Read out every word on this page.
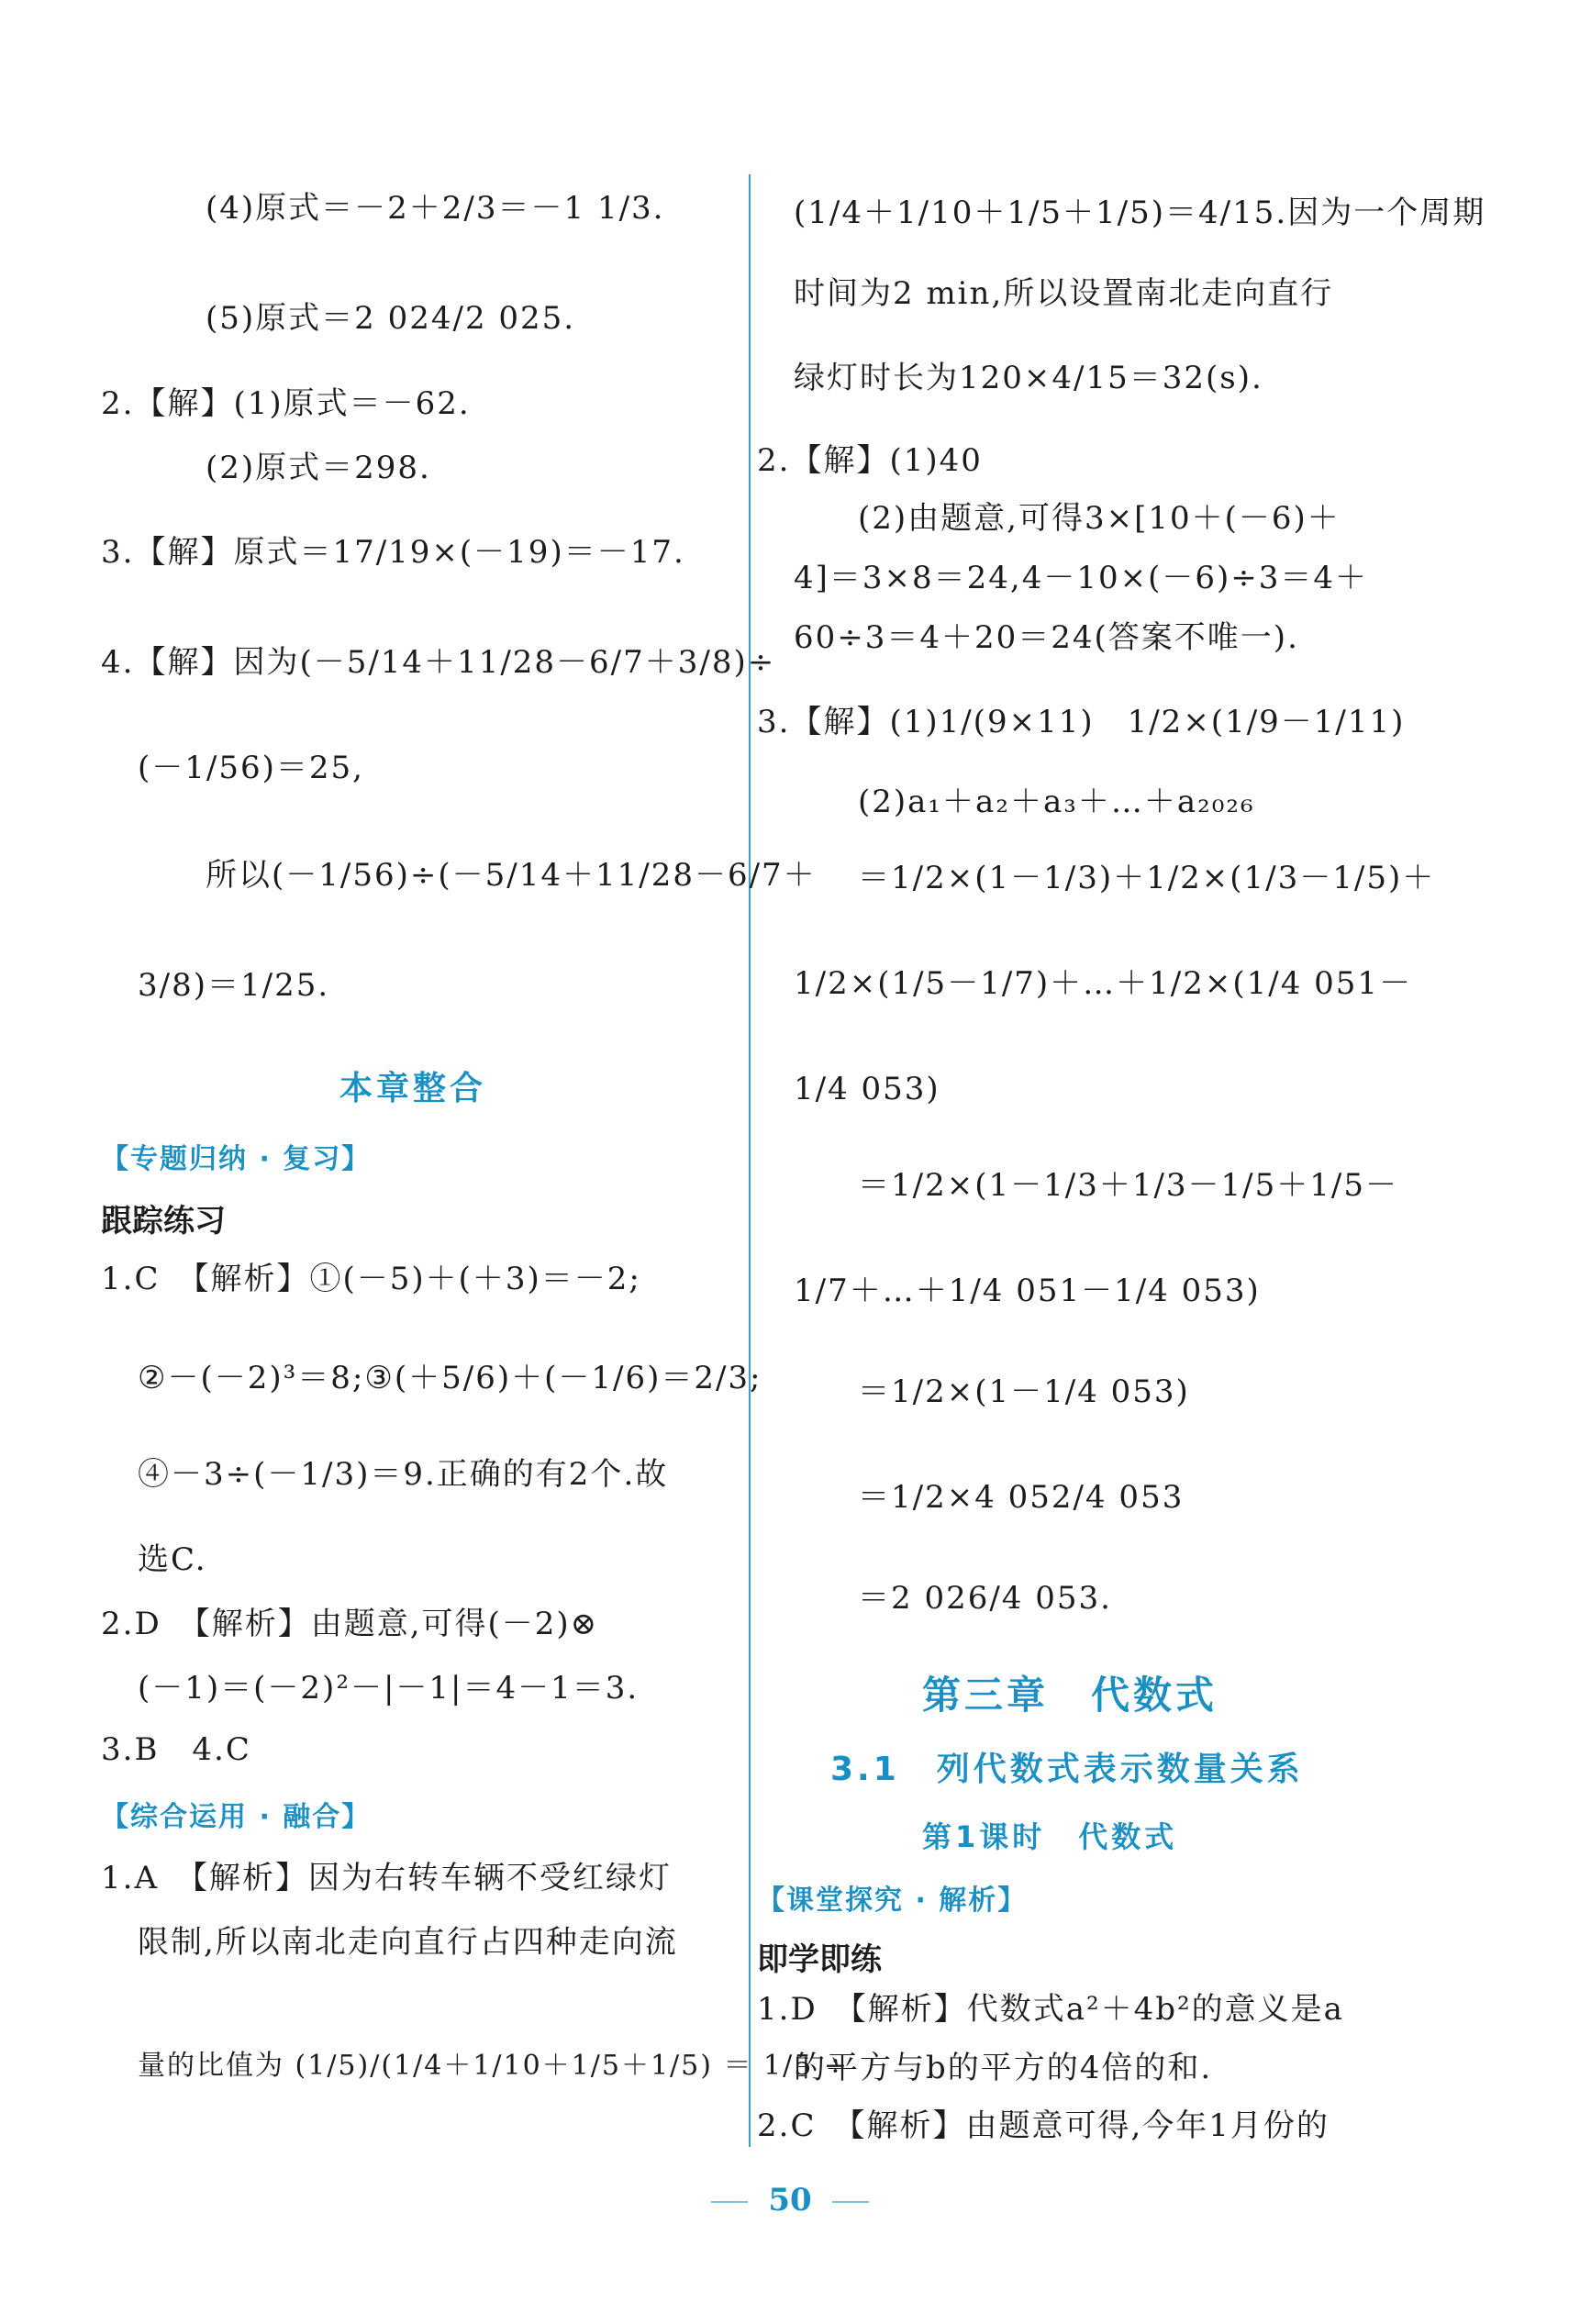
(4)原式＝－2＋2/3＝－1 1/3.
(5)原式＝2 024/2 025.
2.【解】(1)原式＝－62.
(2)原式＝298.
3.【解】原式＝17/19×(－19)＝－17.
4.【解】因为(－5/14＋11/28－6/7＋3/8)÷
(－1/56)＝25,
所以(－1/56)÷(－5/14＋11/28－6/7＋
3/8)＝1/25.
本章整合
【专题归纳 · 复习】
跟踪练习
1.C　【解析】①(－5)＋(＋3)＝－2;
②－(－2)³＝8;③(＋5/6)＋(－1/6)＝2/3;
④－3÷(－1/3)＝9.正确的有2个.故
选C.
2.D　【解析】由题意,可得(－2)⊗
(－1)＝(－2)²－|－1|＝4－1＝3.
3.B　4.C
【综合运用 · 融合】
1.A　【解析】因为右转车辆不受红绿灯
限制,所以南北走向直行占四种走向流
量的比值为 (1/5)/(1/4＋1/10＋1/5＋1/5) ＝ 1/5 ÷
(1/4＋1/10＋1/5＋1/5)＝4/15.因为一个周期
时间为2 min,所以设置南北走向直行
绿灯时长为120×4/15＝32(s).
2.【解】(1)40
(2)由题意,可得3×[10＋(－6)＋
4]＝3×8＝24,4－10×(－6)÷3＝4＋
60÷3＝4＋20＝24(答案不唯一).
3.【解】(1)1/(9×11)　1/2×(1/9－1/11)
(2)a₁＋a₂＋a₃＋…＋a₂₀₂₆
＝1/2×(1－1/3)＋1/2×(1/3－1/5)＋
1/2×(1/5－1/7)＋…＋1/2×(1/4 051－
1/4 053)
＝1/2×(1－1/3＋1/3－1/5＋1/5－
1/7＋…＋1/4 051－1/4 053)
＝1/2×(1－1/4 053)
＝1/2×4 052/4 053
＝2 026/4 053.
第三章　代数式
3.1　列代数式表示数量关系
第1课时　代数式
【课堂探究 · 解析】
即学即练
1.D　【解析】代数式a²＋4b²的意义是a
的平方与b的平方的4倍的和.
2.C　【解析】由题意可得,今年1月份的
50
